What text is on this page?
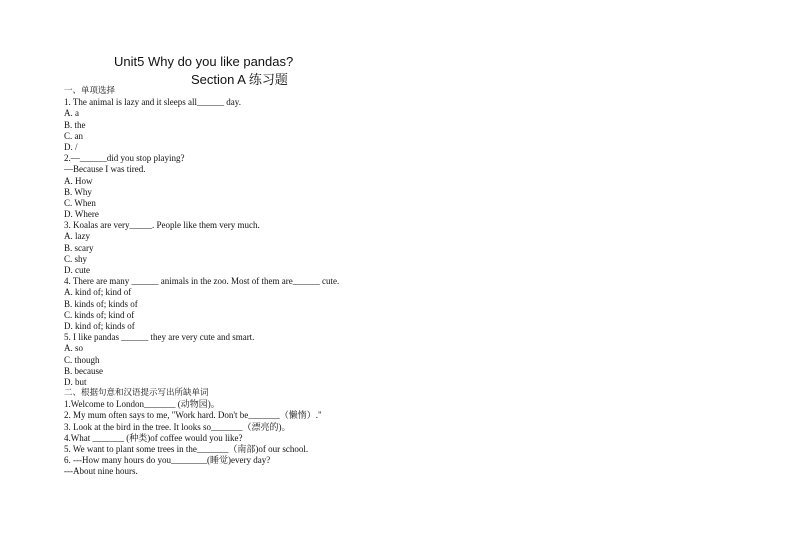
Unit5 Why do you like pandas?
Section A 练习题
一、单项选择
1. The animal is lazy and it sleeps all______ day.
A. a
B. the
C. an
D. /
2.—______did you stop playing?
—Because I was tired.
A. How
B. Why
C. When
D. Where
3. Koalas are very_____. People like them very much.
A. lazy
B. scary
C. shy
D. cute
4. There are many ______ animals in the zoo. Most of them are______ cute.
A. kind of; kind of
B. kinds of; kinds of
C. kinds of; kind of
D. kind of; kinds of
5. I like pandas ______ they are very cute and smart.
A. so
C. though
B. because
D. but
二、根据句意和汉语提示写出所缺单词
1.Welcome to London_______ (动物园)。
2. My mum often says to me, "Work hard. Don't be_______（懒惰）."
3. Look at the bird in the tree. It looks so_______（漂亮的)。
4.What _______ (种类)of coffee would you like?
5. We want to plant some trees in the_______（南部)of our school.
6. ---How many hours do you________(睡觉)every day?
---About nine hours.
